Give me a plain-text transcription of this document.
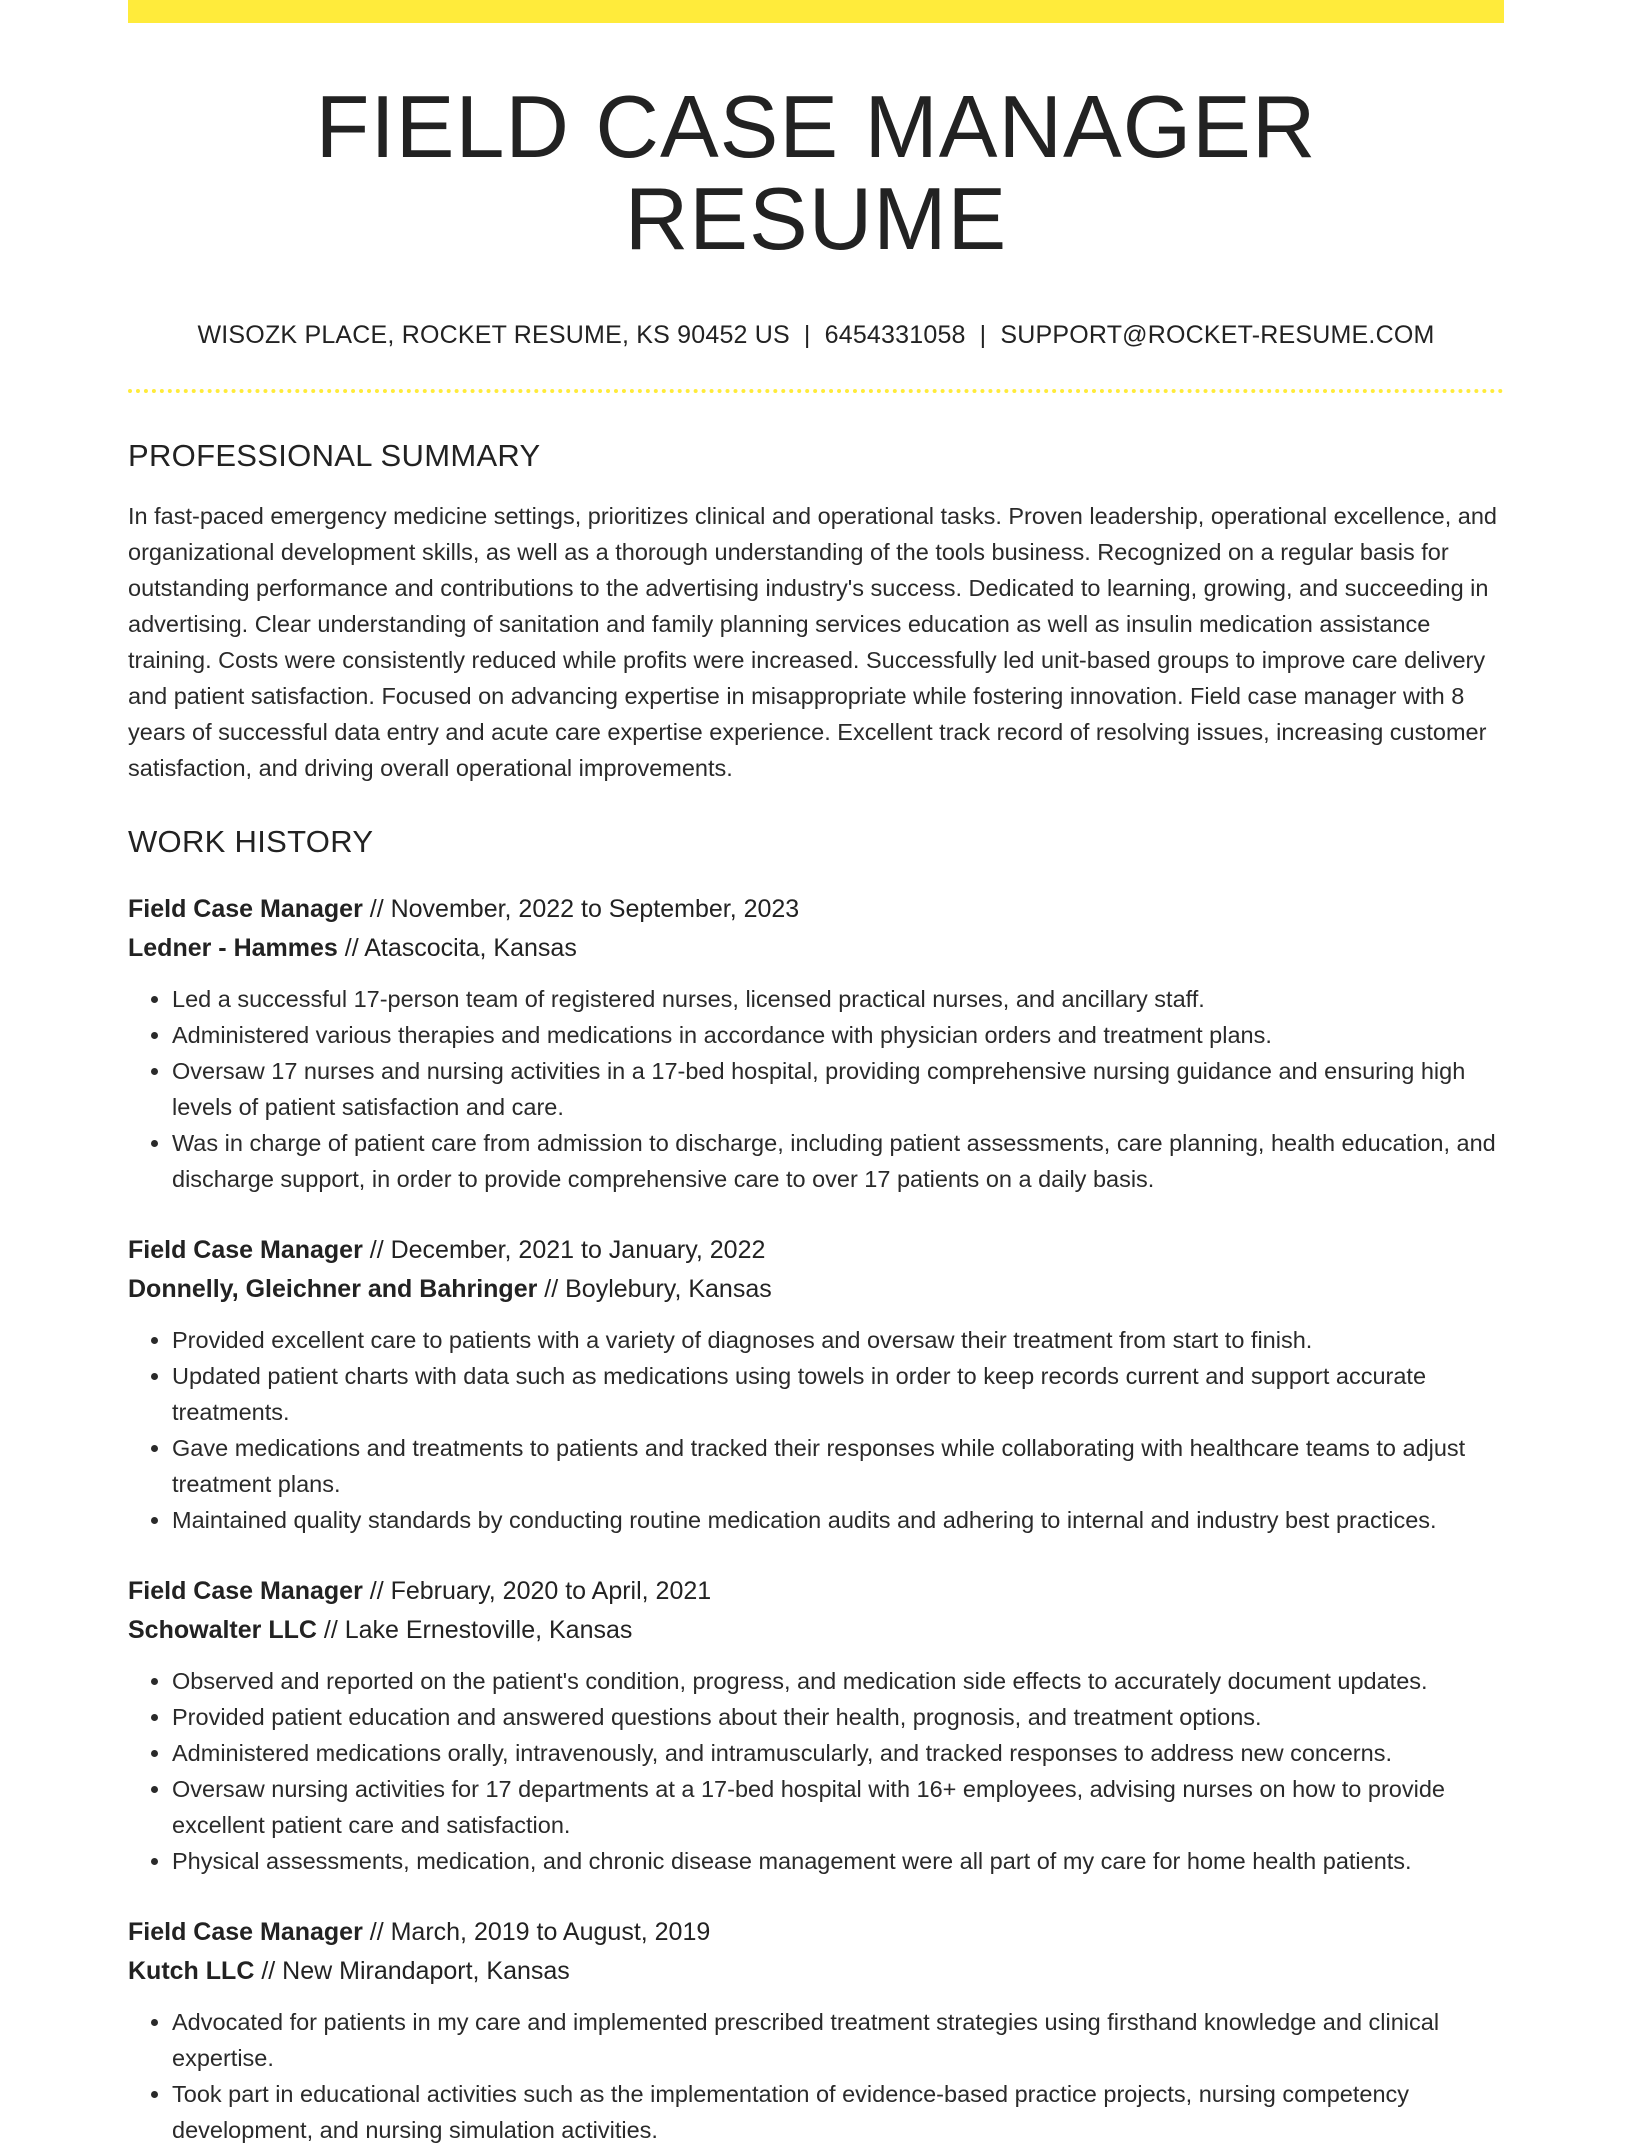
FIELD CASE MANAGER RESUME
WISOZK PLACE, ROCKET RESUME, KS 90452 US | 6454331058 | SUPPORT@ROCKET-RESUME.COM
PROFESSIONAL SUMMARY

In fast-paced emergency medicine settings, prioritizes clinical and operational tasks. Proven leadership, operational excellence, and organizational development skills, as well as a thorough understanding of the tools business. Recognized on a regular basis for outstanding performance and contributions to the advertising industry's success. Dedicated to learning, growing, and succeeding in advertising. Clear understanding of sanitation and family planning services education as well as insulin medication assistance training. Costs were consistently reduced while profits were increased. Successfully led unit-based groups to improve care delivery and patient satisfaction. Focused on advancing expertise in misappropriate while fostering innovation. Field case manager with 8 years of successful data entry and acute care expertise experience. Excellent track record of resolving issues, increasing customer satisfaction, and driving overall operational improvements.

WORK HISTORY
Field Case Manager // November, 2022 to September, 2023
Ledner - Hammes // Atascocita, Kansas
• Led a successful 17-person team of registered nurses, licensed practical nurses, and ancillary staff.
• Administered various therapies and medications in accordance with physician orders and treatment plans.
• Oversaw 17 nurses and nursing activities in a 17-bed hospital, providing comprehensive nursing guidance and ensuring high levels of patient satisfaction and care.
• Was in charge of patient care from admission to discharge, including patient assessments, care planning, health education, and discharge support, in order to provide comprehensive care to over 17 patients on a daily basis.
Field Case Manager // December, 2021 to January, 2022
Donnelly, Gleichner and Bahringer // Boylebury, Kansas
• Provided excellent care to patients with a variety of diagnoses and oversaw their treatment from start to finish.
• Updated patient charts with data such as medications using towels in order to keep records current and support accurate treatments.
• Gave medications and treatments to patients and tracked their responses while collaborating with healthcare teams to adjust treatment plans.
• Maintained quality standards by conducting routine medication audits and adhering to internal and industry best practices.
Field Case Manager // February, 2020 to April, 2021
Schowalter LLC // Lake Ernestoville, Kansas
• Observed and reported on the patient's condition, progress, and medication side effects to accurately document updates.
• Provided patient education and answered questions about their health, prognosis, and treatment options.
• Administered medications orally, intravenously, and intramuscularly, and tracked responses to address new concerns.
• Oversaw nursing activities for 17 departments at a 17-bed hospital with 16+ employees, advising nurses on how to provide excellent patient care and satisfaction.
• Physical assessments, medication, and chronic disease management were all part of my care for home health patients.
Field Case Manager // March, 2019 to August, 2019
Kutch LLC // New Mirandaport, Kansas
• Advocated for patients in my care and implemented prescribed treatment strategies using firsthand knowledge and clinical expertise.
• Took part in educational activities such as the implementation of evidence-based practice projects, nursing competency development, and nursing simulation activities.
